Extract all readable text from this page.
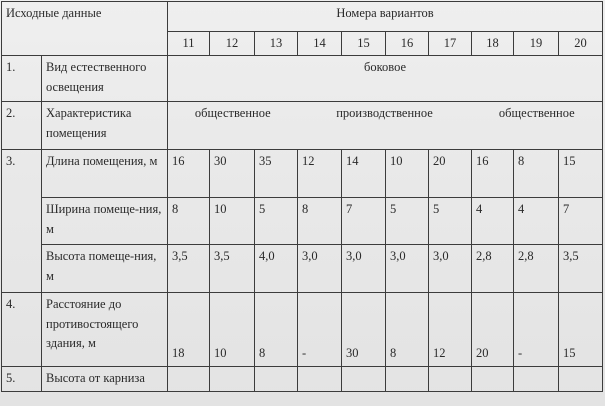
Исходные данные		Номера вариантов									
		11	12	13	14	15	16	17	18	19	20
1.	Вид естественного освещения	боковое									
2.	Характеристика помещения	общественное			производственное				общественное		
3.	Длина помещения, м	16	30	35	12	14	10	20	16	8	15
	Ширина помеще-ния, м	8	10	5	8	7	5	5	4	4	7
	Высота помеще-ния, м	3,5	3,5	4,0	3,0	3,0	3,0	3,0	2,8	2,8	3,5
4.	Расстояние до противостоящего здания, м	18	10	8	-	30	8	12	20	-	15
5.	Высота от карниза										
